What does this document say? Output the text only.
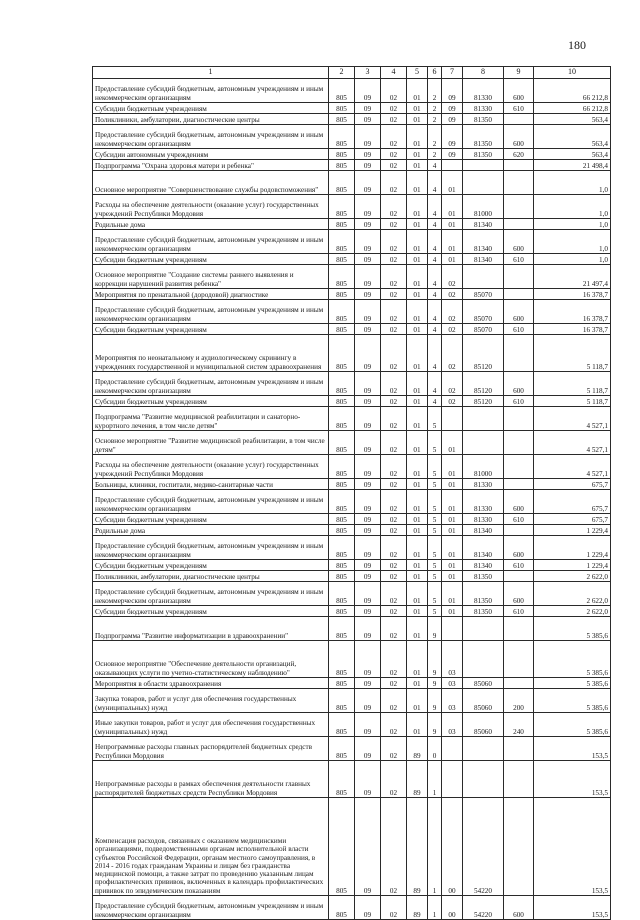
180
1	2	3	4	5	6	7	8	9	10
Предоставление субсидий бюджетным, автономным учреждениям и иным некоммерческим организациям	805	09	02	01	2	09	81330	600	66 212,8
Субсидии бюджетным учреждениям	805	09	02	01	2	09	81330	610	66 212,8
Поликлиники, амбулатории, диагностические центры	805	09	02	01	2	09	81350		563,4
Предоставление субсидий бюджетным, автономным учреждениям и иным некоммерческим организациям	805	09	02	01	2	09	81350	600	563,4
Субсидии автономным учреждениям	805	09	02	01	2	09	81350	620	563,4
Подпрограмма "Охрана здоровья матери и ребенка"	805	09	02	01	4				21 498,4
Основное мероприятие "Совершенствование службы родовспоможения"	805	09	02	01	4	01			1,0
Расходы на обеспечение деятельности (оказание услуг) государственных учреждений Республики Мордовия	805	09	02	01	4	01	81000		1,0
Родильные дома	805	09	02	01	4	01	81340		1,0
Предоставление субсидий бюджетным, автономным учреждениям и иным некоммерческим организациям	805	09	02	01	4	01	81340	600	1,0
Субсидии бюджетным учреждениям	805	09	02	01	4	01	81340	610	1,0
Основное мероприятие "Создание системы раннего выявления и коррекции нарушений развития ребенка"	805	09	02	01	4	02			21 497,4
Мероприятия по пренатальной (дородовой) диагностике	805	09	02	01	4	02	85070		16 378,7
Предоставление субсидий бюджетным, автономным учреждениям и иным некоммерческим организациям	805	09	02	01	4	02	85070	600	16 378,7
Субсидии бюджетным учреждениям	805	09	02	01	4	02	85070	610	16 378,7
Мероприятия по неонатальному и аудиологическому скринингу в учреждениях государственной и муниципальной систем здравоохранения	805	09	02	01	4	02	85120		5 118,7
Предоставление субсидий бюджетным, автономным учреждениям и иным некоммерческим организациям	805	09	02	01	4	02	85120	600	5 118,7
Субсидии бюджетным учреждениям	805	09	02	01	4	02	85120	610	5 118,7
Подпрограмма "Развитие медицинской реабилитации и санаторно-курортного лечения, в том числе детям"	805	09	02	01	5				4 527,1
Основное мероприятие "Развитие медицинской реабилитации, в том числе детям"	805	09	02	01	5	01			4 527,1
Расходы на обеспечение деятельности (оказание услуг) государственных учреждений Республики Мордовия	805	09	02	01	5	01	81000		4 527,1
Больницы, клиники, госпитали, медико-санитарные части	805	09	02	01	5	01	81330		675,7
Предоставление субсидий бюджетным, автономным учреждениям и иным некоммерческим организациям	805	09	02	01	5	01	81330	600	675,7
Субсидии бюджетным учреждениям	805	09	02	01	5	01	81330	610	675,7
Родильные дома	805	09	02	01	5	01	81340		1 229,4
Предоставление субсидий бюджетным, автономным учреждениям и иным некоммерческим организациям	805	09	02	01	5	01	81340	600	1 229,4
Субсидии бюджетным учреждениям	805	09	02	01	5	01	81340	610	1 229,4
Поликлиники, амбулатории, диагностические центры	805	09	02	01	5	01	81350		2 622,0
Предоставление субсидий бюджетным, автономным учреждениям и иным некоммерческим организациям	805	09	02	01	5	01	81350	600	2 622,0
Субсидии бюджетным учреждениям	805	09	02	01	5	01	81350	610	2 622,0
Подпрограмма "Развитие информатизации в здравоохранении"	805	09	02	01	9				5 385,6
Основное мероприятие "Обеспечение деятельности организаций, оказывающих услуги по учетно-статистическому наблюдению"	805	09	02	01	9	03			5 385,6
Мероприятия в области здравоохранения	805	09	02	01	9	03	85060		5 385,6
Закупка товаров, работ и услуг для обеспечения государственных (муниципальных) нужд	805	09	02	01	9	03	85060	200	5 385,6
Иные закупки товаров, работ и услуг для обеспечения государственных (муниципальных) нужд	805	09	02	01	9	03	85060	240	5 385,6
Непрограммные расходы главных распорядителей бюджетных средств Республики Мордовия	805	09	02	89	0				153,5
Непрограммные расходы в рамках обеспечения деятельности главных распорядителей бюджетных средств Республики Мордовия	805	09	02	89	1				153,5
Компенсация расходов, связанных с оказанием медицинскими организациями, подведомственными органам исполнительной власти субъектов Российской Федерации, органам местного самоуправления, в 2014 - 2016 годах гражданам Украины и лицам без гражданства медицинской помощи, а также затрат по проведению указанным лицам профилактических прививок, включенных в календарь профилактических прививок по эпидемическим показаниям	805	09	02	89	1	00	54220		153,5
Предоставление субсидий бюджетным, автономным учреждениям и иным некоммерческим организациям	805	09	02	89	1	00	54220	600	153,5
